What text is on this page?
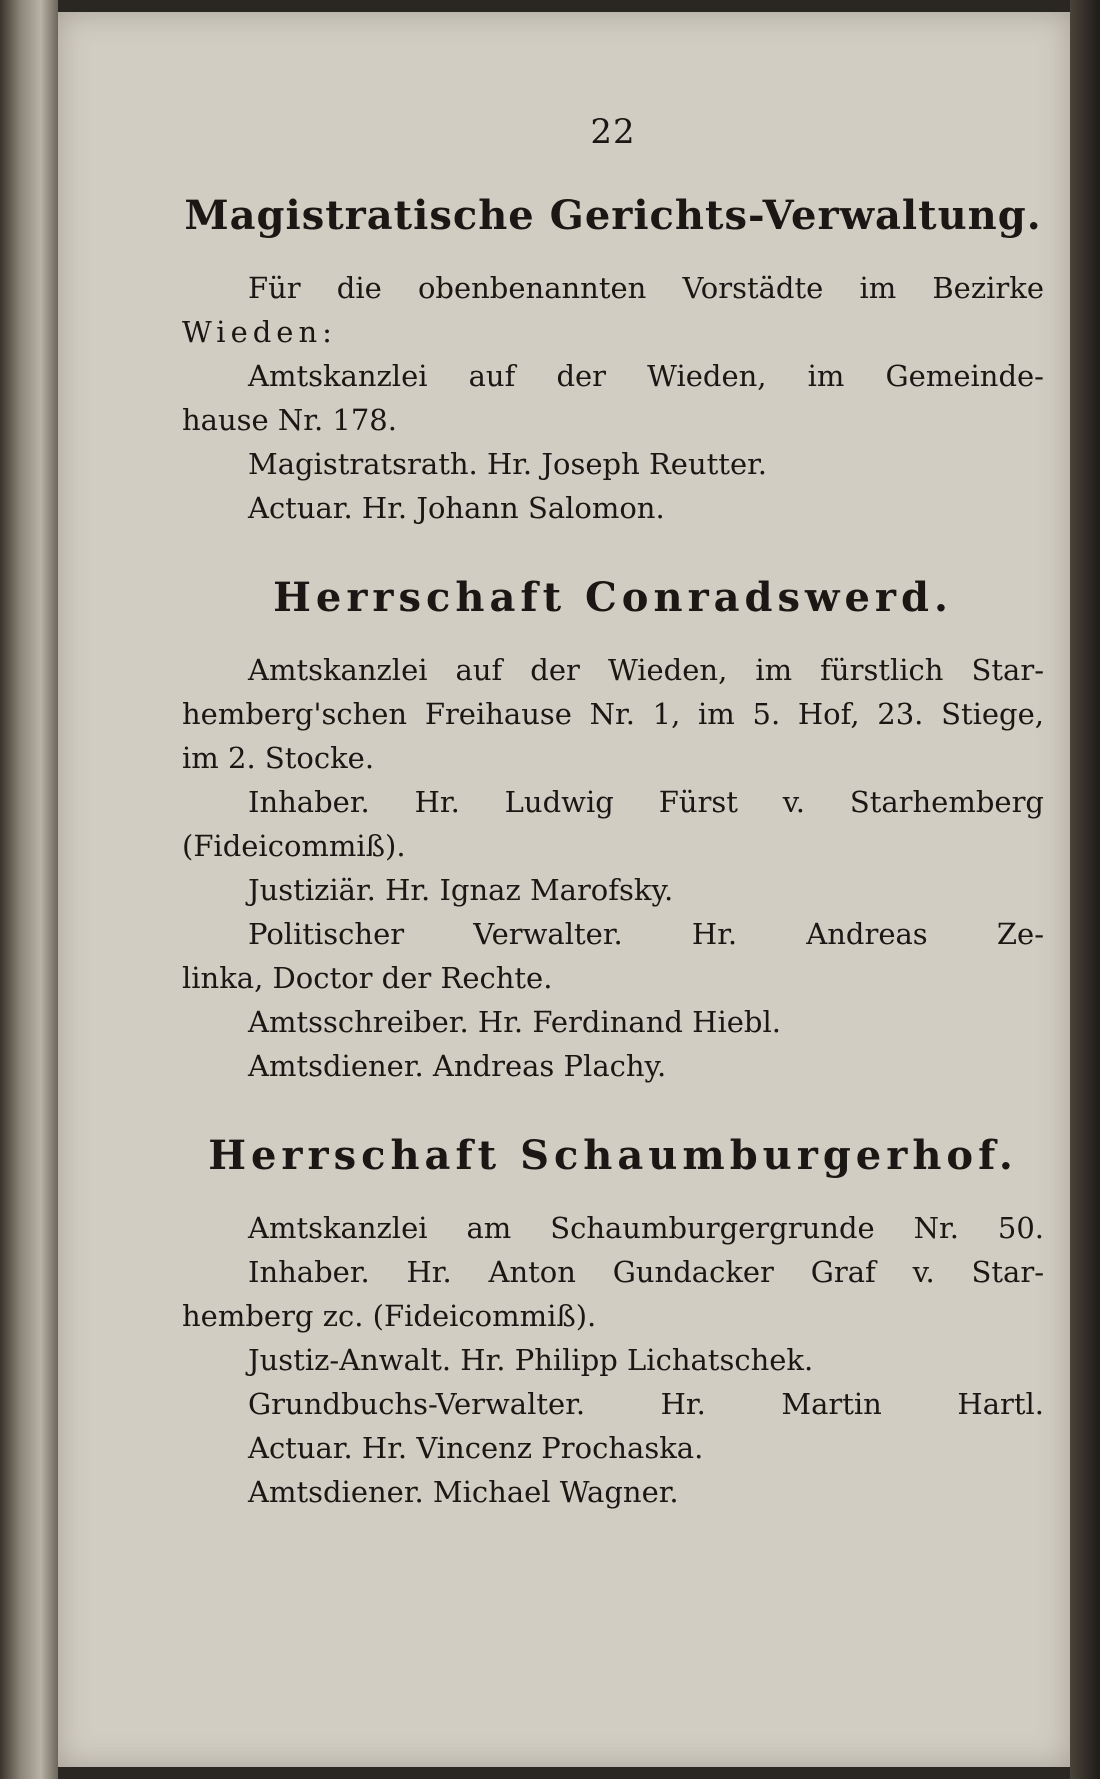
22
Magistratische Gerichts-Verwaltung.
Für die obenbenannten Vorstädte im Bezirke
Wieden:
Amtskanzlei auf der Wieden, im Gemeinde-
hause Nr. 178.
Magistratsrath. Hr. Joseph Reutter.
Actuar. Hr. Johann Salomon.
Herrschaft Conradswerd.
Amtskanzlei auf der Wieden, im fürstlich Star-
hemberg'schen Freihause Nr. 1, im 5. Hof, 23. Stiege,
im 2. Stocke.
Inhaber. Hr. Ludwig Fürst v. Starhemberg
(Fideicommiß).
Justiziär. Hr. Ignaz Marofsky.
Politischer Verwalter. Hr. Andreas Ze-
linka, Doctor der Rechte.
Amtsschreiber. Hr. Ferdinand Hiebl.
Amtsdiener. Andreas Plachy.
Herrschaft Schaumburgerhof.
Amtskanzlei am Schaumburgergrunde Nr. 50.
Inhaber. Hr. Anton Gundacker Graf v. Star-
hemberg zc. (Fideicommiß).
Justiz-Anwalt. Hr. Philipp Lichatschek.
Grundbuchs-Verwalter. Hr. Martin Hartl.
Actuar. Hr. Vincenz Prochaska.
Amtsdiener. Michael Wagner.
